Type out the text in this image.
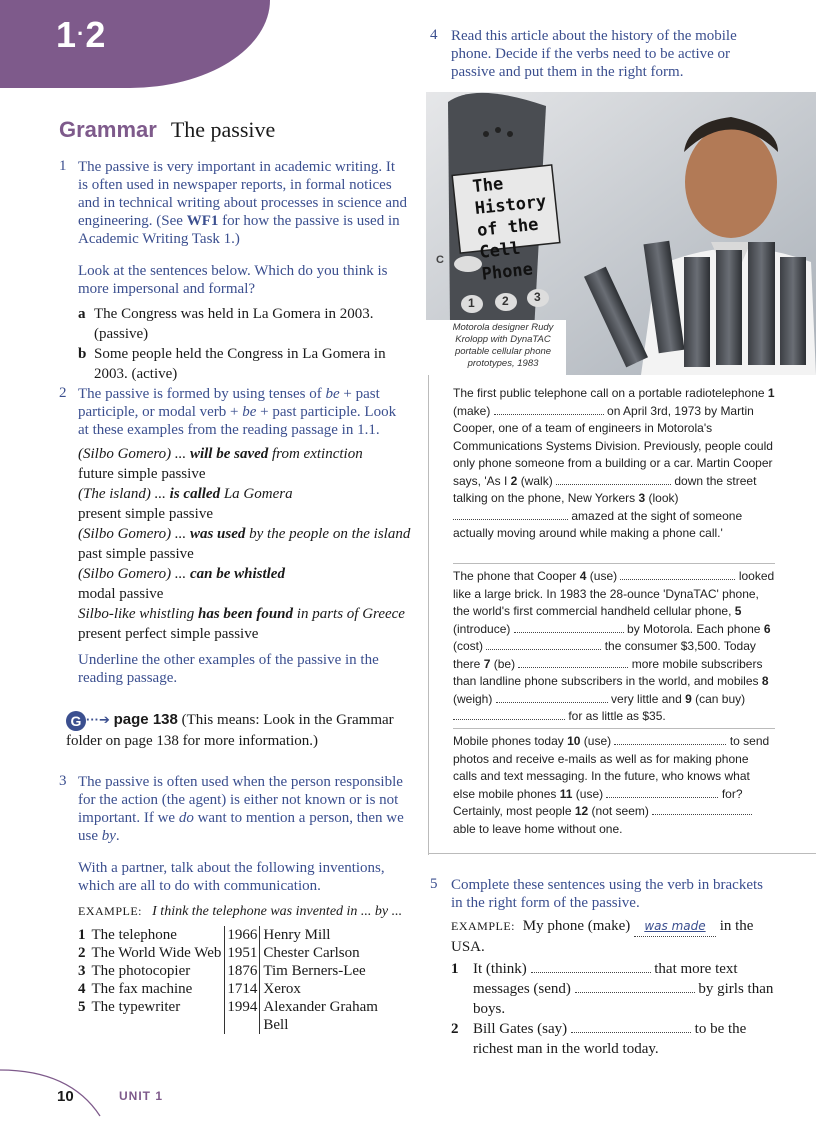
1·2
Grammar The passive
1 The passive is very important in academic writing. It is often used in newspaper reports, in formal notices and in technical writing about processes in science and engineering. (See WF1 for how the passive is used in Academic Writing Task 1.)
Look at the sentences below. Which do you think is more impersonal and formal?
a The Congress was held in La Gomera in 2003. (passive)
b Some people held the Congress in La Gomera in 2003. (active)
2 The passive is formed by using tenses of be + past participle, or modal verb + be + past participle. Look at these examples from the reading passage in 1.1.
(Silbo Gomero) ... will be saved from extinction
future simple passive
(The island) ... is called La Gomera
present simple passive
(Silbo Gomero) ... was used by the people on the island
past simple passive
(Silbo Gomero) ... can be whistled
modal passive
Silbo-like whistling has been found in parts of Greece
present perfect simple passive
Underline the other examples of the passive in the reading passage.
G ···➔ page 138 (This means: Look in the Grammar folder on page 138 for more information.)
3 The passive is often used when the person responsible for the action (the agent) is either not known or is not important. If we do want to mention a person, then we use by.
With a partner, talk about the following inventions, which are all to do with communication.
EXAMPLE: I think the telephone was invented in ... by ...
1	The telephone	1966	Henry Mill
2	The World Wide Web	1951	Chester Carlson
3	The photocopier	1876	Tim Berners-Lee
4	The fax machine	1714	Xerox
5	The typewriter	1994	Alexander Graham Bell
10	UNIT 1
4 Read this article about the history of the mobile phone. Decide if the verbs need to be active or passive and put them in the right form.
The History of the Cell Phone
C
1 2 3
Motorola designer Rudy Krolopp with DynaTAC portable cellular phone prototypes, 1983
The first public telephone call on a portable radiotelephone 1 (make)	on April 3rd, 1973 by Martin Cooper, one of a team of engineers in Motorola's Communications Systems Division. Previously, people could only phone someone from a building or a car. Martin Cooper says, 'As I 2 (walk)	down the street talking on the phone, New Yorkers 3 (look)  amazed at the sight of someone actually moving around while making a phone call.'
The phone that Cooper 4 (use)	looked like a large brick. In 1983 the 28-ounce 'DynaTAC' phone, the world's first commercial handheld cellular phone, 5 (introduce)	by Motorola. Each phone 6 (cost)	the consumer $3,500. Today there 7 (be)	more mobile subscribers than landline phone subscribers in the world, and mobiles 8 (weigh)	very little and 9 (can buy)  for as little as $35.
Mobile phones today 10 (use)	to send photos and receive e-mails as well as for making phone calls and text messaging. In the future, who knows what else mobile phones 11 (use)	for? Certainly, most people 12 (not seem)  able to leave home without one.
5 Complete these sentences using the verb in brackets in the right form of the passive.
EXAMPLE: My phone (make) was made in the USA.
1 It (think)	that more text messages (send)	by girls than boys.
2 Bill Gates (say)	to be the richest man in the world today.
